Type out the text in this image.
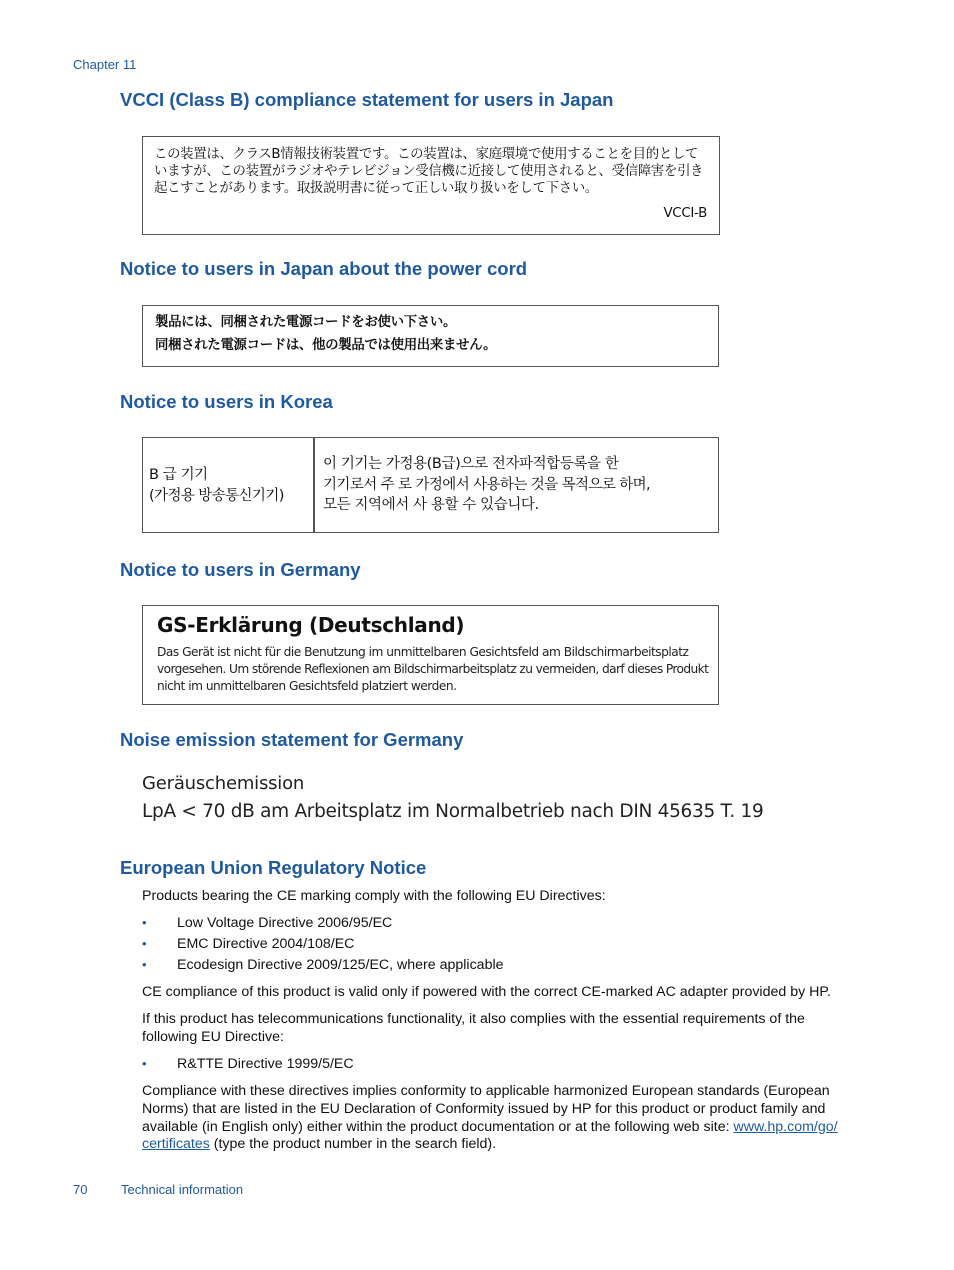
Chapter 11
VCCI (Class B) compliance statement for users in Japan
この装置は、クラスB情報技術装置です。この装置は、家庭環境で使用することを目的として
いますが、この装置がラジオやテレビジョン受信機に近接して使用されると、受信障害を引き
起こすことがあります。取扱説明書に従って正しい取り扱いをして下さい。
VCCI-B
Notice to users in Japan about the power cord
製品には、同梱された電源コードをお使い下さい。
同梱された電源コードは、他の製品では使用出来ません。
Notice to users in Korea
B 급 기기
(가정용 방송통신기기)
이 기기는 가정용(B급)으로 전자파적합등록을 한
기기로서 주 로 가정에서 사용하는 것을 목적으로 하며,
모든 지역에서 사 용할 수 있습니다.
Notice to users in Germany
GS-Erklärung (Deutschland)
Das Gerät ist nicht für die Benutzung im unmittelbaren Gesichtsfeld am Bildschirmarbeitsplatz
vorgesehen. Um störende Reflexionen am Bildschirmarbeitsplatz zu vermeiden, darf dieses Produkt
nicht im unmittelbaren Gesichtsfeld platziert werden.
Noise emission statement for Germany
Geräuschemission
LpA < 70 dB am Arbeitsplatz im Normalbetrieb nach DIN 45635 T. 19
European Union Regulatory Notice
Products bearing the CE marking comply with the following EU Directives:
• Low Voltage Directive 2006/95/EC
• EMC Directive 2004/108/EC
• Ecodesign Directive 2009/125/EC, where applicable
CE compliance of this product is valid only if powered with the correct CE-marked AC adapter provided by HP.
If this product has telecommunications functionality, it also complies with the essential requirements of the
following EU Directive:
• R&TTE Directive 1999/5/EC
Compliance with these directives implies conformity to applicable harmonized European standards (European
Norms) that are listed in the EU Declaration of Conformity issued by HP for this product or product family and
available (in English only) either within the product documentation or at the following web site: www.hp.com/go/
certificates (type the product number in the search field).
70	Technical information
